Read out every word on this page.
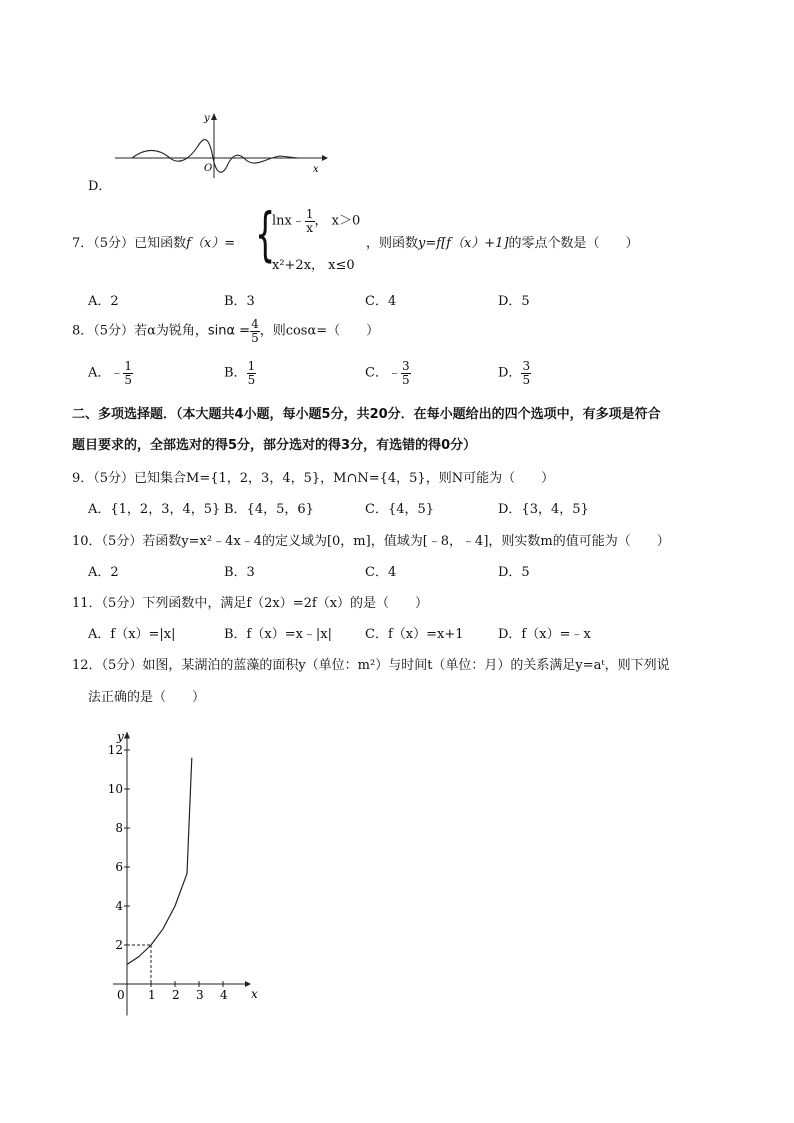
y
O	x
D．
7．（5分）已知函数f（x）= {
lnx﹣ $\frac{1}{x}$ ， x＞0
x²+2x， x≤0
，则函数y=f[f（x）+1]的零点个数是（　　）
A．2	B．3	C．4	D．5
8．（5分）若α为锐角，$\sin\alpha = \frac{4}{5}$ ，则cosα=（　　）
A．﹣ $\frac{1}{5}$	B． $\frac{1}{5}$	C．﹣ $\frac{3}{5}$	D． $\frac{3}{5}$
二、多项选择题．（本大题共4小题，每小题5分，共20分．在每小题给出的四个选项中，有多项是符合
题目要求的，全部选对的得5分，部分选对的得3分，有选错的得0分）
9．（5分）已知集合M={1，2，3，4，5}，M∩N={4，5}，则N可能为（　　）
A．{1，2，3，4，5} B．{4，5，6}	C．{4，5}	D．{3，4，5}
10．（5分）若函数y=x²﹣4x﹣4的定义域为[0，m]，值域为[﹣8，﹣4]，则实数m的值可能为（　　）
A．2	B．3	C．4	D．5
11．（5分）下列函数中，满足f（2x）=2f（x）的是（　　）
A．f（x）=|x|	B．f（x）=x﹣|x|	C．f（x）=x+1	D．f（x）=﹣x
12．（5分）如图，某湖泊的蓝藻的面积y（单位：m²）与时间t（单位：月）的关系满足y=aᵗ，则下列说
法正确的是（　　）
y
x
2
4
6
8
10
12
0 1 2 3 4
